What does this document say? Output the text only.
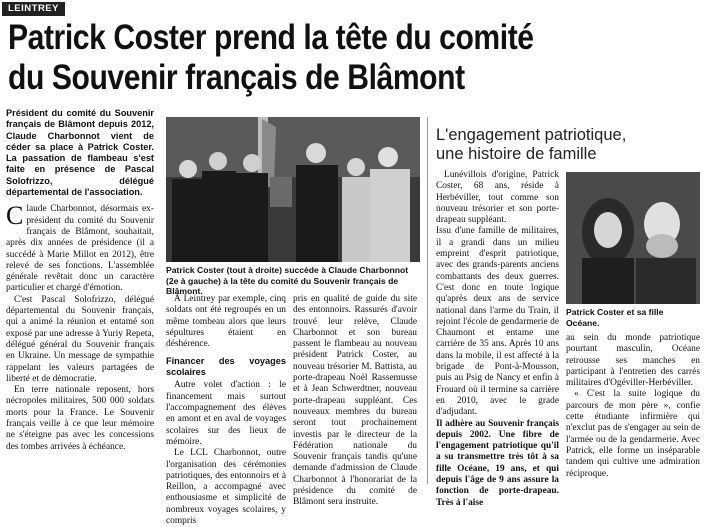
LEINTREY
Patrick Coster prend la tête du comité
du Souvenir français de Blâmont
Président du comité du Souvenir français de Blâmont depuis 2012, Claude Charbonnot vient de céder sa place à Patrick Coster. La passation de flambeau s'est faite en présence de Pascal Solofrizzo, délégué départemental de l'association.

Claude Charbonnot, désormais ex-président du comité du Souvenir français de Blâmont, souhaitait, après dix années de présidence (il a succédé à Marie Millot en 2012), être relevé de ses fonctions. L'assemblée générale revêtait donc un caractère particulier et chargé d'émotion.

C'est Pascal Solofrizzo, délégué départemental du Souvenir français, qui a animé la réunion et entamé son exposé par une adresse à Yuriy Repeta, délégué général du Souvenir français en Ukraine. Un message de sympathie rappelant les valeurs partagées de liberté et de démocratie.

En terre nationale reposent, hors nécropoles militaires, 500 000 soldats morts pour la France. Le Souvenir français veille à ce que leur mémoire ne s'éteigne pas avec les concessions des tombes arrivées à échéance.

Patrick Coster (tout à droite) succède à Claude Charbonnot (2e à gauche) à la tête du comité du Souvenir français de Blâmont.

À Leintrey par exemple, cinq soldats ont été regroupés en un même tombeau alors que leurs sépultures étaient en déshérence.

Financer des voyages scolaires

Autre volet d'action : le financement mais surtout l'accompagnement des élèves en amont et en aval de voyages scolaires sur des lieux de mémoire.

Le LCL Charbonnot, outre l'organisation des cérémonies patriotiques, des entonnoirs et à Reillon, a accompagné avec enthousiasme et simplicité de nombreux voyages scolaires, y compris

pris en qualité de guide du site des entonnoirs. Rassurés d'avoir trouvé leur relève, Claude Charbonnot et son bureau passent le flambeau au nouveau président Patrick Coster, au nouveau trésorier M. Battista, au porte-drapeau Noël Rassemusse et à Jean Schwerdtner, nouveau porte-drapeau suppléant. Ces nouveaux membres du bureau seront tout prochainement investis par le directeur de la Fédération nationale du Souvenir français tandis qu'une demande d'admission de Claude Charbonnot à l'honorariat de la présidence du comité de Blâmont sera instruite.

L'engagement patriotique,
une histoire de famille

Lunévillois d'origine, Patrick Coster, 68 ans, réside à Herbéviller, tout comme son nouveau trésorier et son porte-drapeau suppléant.

Issu d'une famille de militaires, il a grandi dans un milieu empreint d'esprit patriotique, avec des grands-parents anciens combattants des deux guerres. C'est donc en toute logique qu'après deux ans de service national dans l'arme du Train, il rejoint l'école de gendarmerie de Chaumont et entame une carrière de 35 ans. Après 10 ans dans la mobile, il est affecté à la brigade de Pont-à-Mousson, puis au Psig de Nancy et enfin à Frouard où il termine sa carrière en 2010, avec le grade d'adjudant.

Il adhère au Souvenir français depuis 2002. Une fibre de l'engagement patriotique qu'il a su transmettre très tôt à sa fille Océane, 19 ans, et qui depuis l'âge de 9 ans assure la fonction de porte-drapeau. Très à l'aise

Patrick Coster et sa fille Océane.

au sein du monde patriotique pourtant masculin, Océane retrousse ses manches en participant à l'entretien des carrés militaires d'Ogéviller-Herbéviller.

« C'est la suite logique du parcours de mon père », confie cette étudiante infirmière qui n'exclut pas de s'engager au sein de l'armée ou de la gendarmerie. Avec Patrick, elle forme un inséparable tandem qui cultive une admiration réciproque.
